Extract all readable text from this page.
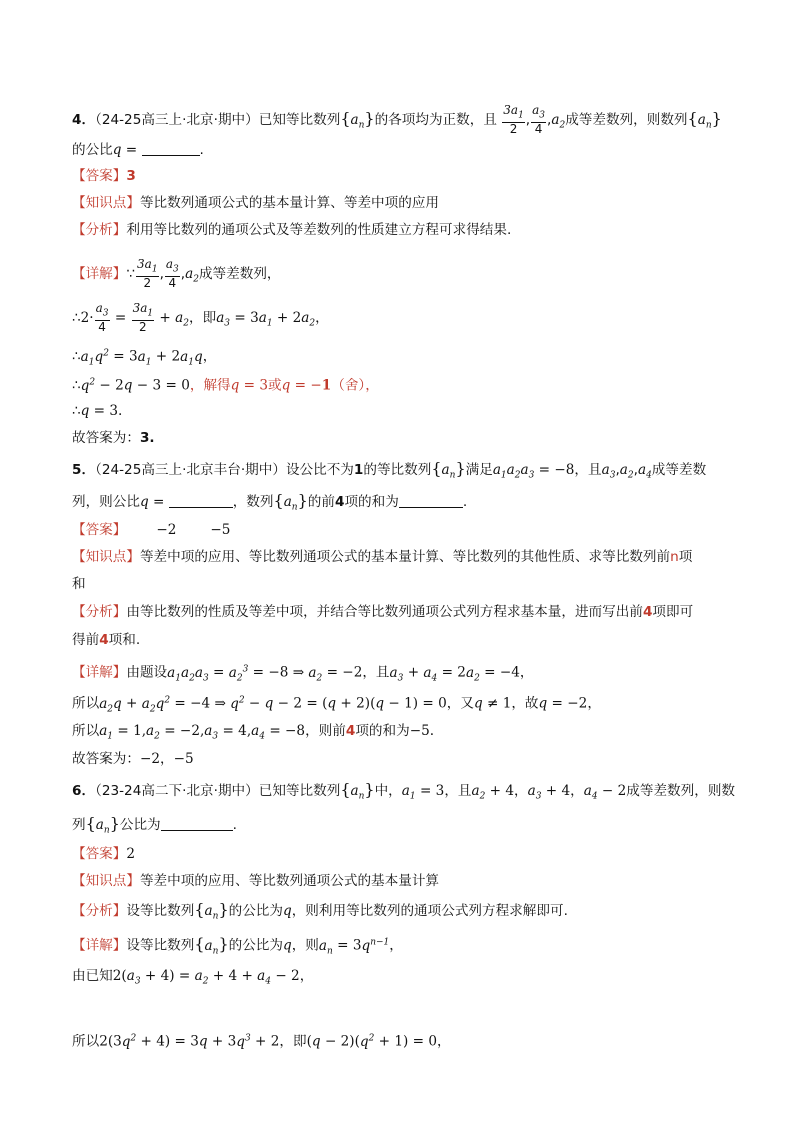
4．（24-25高三上·北京·期中）已知等比数列$\{a_n\}$的各项均为正数，且 $\frac{3a_1}{2}$ , $\frac{a_3}{4} ,a_2$成等差数列，则数列$\{a_n\}$
的公比q =	.
【答案】3
【知识点】等比数列通项公式的基本量计算、等差中项的应用
【分析】利用等比数列的通项公式及等差数列的性质建立方程可求得结果.
【详解】∵ $\frac{3a_1}{2}$ , $\frac{a_3}{4} ,a_2$成等差数列，
∴2· $\frac{a_3}{4} = \frac{3a_1}{2} + a_2$，即$a_3 = 3a_1 + 2a_2$，
$\therefore a_1q^2 = 3a_1 + 2a_1q$，
$\therefore q^2 - 2q - 3 = 0$，解得q = 3或q = −1（舍），
∴q = 3.
故答案为：3.
5．（24-25高三上·北京丰台·期中）设公比不为1的等比数列$\{a_n\}$满足$a_1a_2a_3 = -8$，且$a_3,a_2,a_4$成等差数
列，则公比q =	，数列$\{a_n\}$的前4项的和为	.
【答案】 −2	−5
【知识点】等差中项的应用、等比数列通项公式的基本量计算、等比数列的其他性质、求等比数列前n项
和
【分析】由等比数列的性质及等差中项，并结合等比数列通项公式列方程求基本量，进而写出前4项即可
得前4项和.
【详解】由题设$a_1a_2a_3 = a_2^3 = -8$ ⇒ $a_2 = -2$，且$a_3 + a_4 = 2a_2 = -4$，
所以$a_2q + a_2q^2 = -4$ ⇒ $q^2 - q - 2 = (q + 2)(q - 1) = 0$，又q ≠ 1，故q = −2，
所以$a_1 = 1,a_2 = -2,a_3 = 4,a_4 = -8$，则前4项的和为−5.
故答案为：−2，−5
6．（23-24高二下·北京·期中）已知等比数列$\{a_n\}$中，$a_1 = 3$，且$a_2 + 4$，$a_3 + 4$，$a_4 - 2$成等差数列，则数
列$\{a_n\}$公比为	.
【答案】2
【知识点】等差中项的应用、等比数列通项公式的基本量计算
【分析】设等比数列$\{a_n\}$的公比为q，则利用等比数列的通项公式列方程求解即可.
【详解】设等比数列$\{a_n\}$的公比为q，则$a_n = 3q^{n-1}$，
由已知$2(a_3 + 4) = a_2 + 4 + a_4 - 2$，
所以$2(3q^2 + 4) = 3q + 3q^3 + 2$，即$(q - 2)(q^2 + 1) = 0$，
